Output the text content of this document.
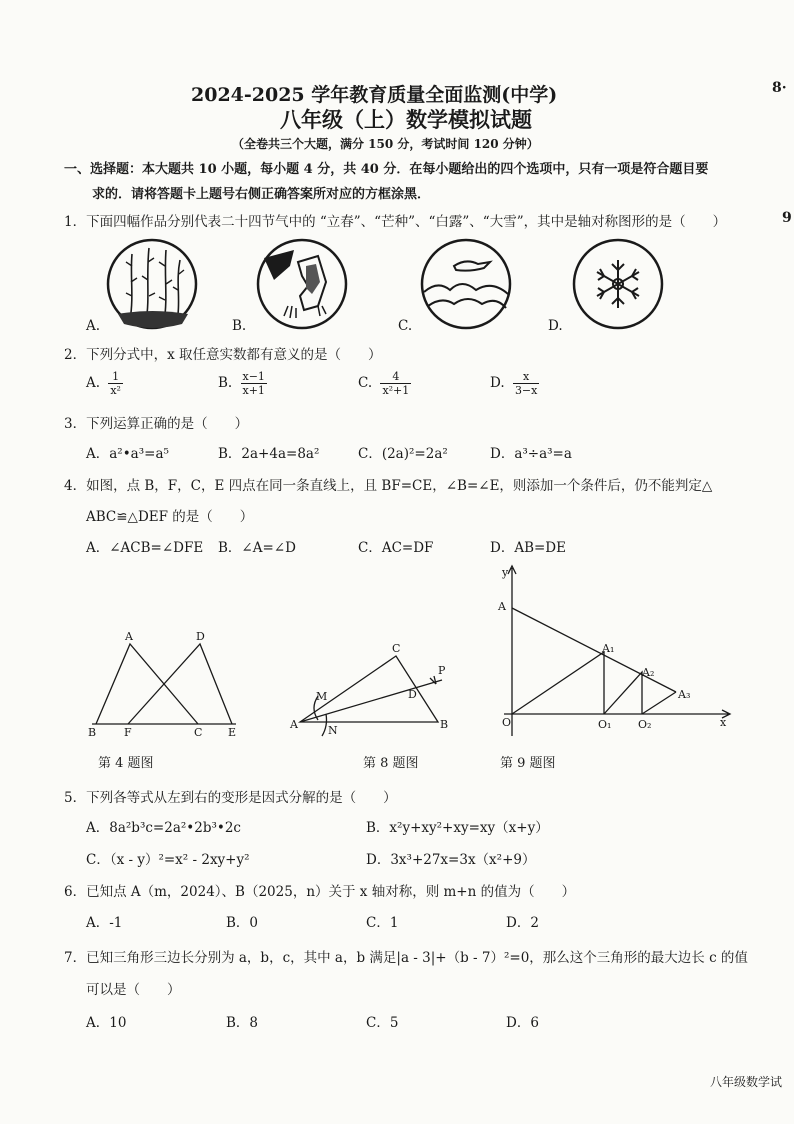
8·
2024-2025 学年教育质量全面监测(中学)
八年级（上）数学模拟试题
（全卷共三个大题，满分 150 分，考试时间 120 分钟）
一、选择题：本大题共 10 小题，每小题 4 分，共 40 分．在每小题给出的四个选项中，只有一项是符合题目要
求的．请将答题卡上题号右侧正确答案所对应的方框涂黑．
1．下面四幅作品分别代表二十四节气中的 “立春”、“芒种”、“白露”、“大雪”，其中是轴对称图形的是（　　）	9
A.	B.	C.	D.
2．下列分式中，x 取任意实数都有意义的是（　　）
A. $\frac{1}{\text{x²}}$	B. $\frac{x-1}{x+1}$	C. $\frac{4}{\text{x²+1}}$	D. $\frac{x}{3-x}$
3．下列运算正确的是（　　）
A．a²•a³=a⁵	B．2a+4a=8a²	C．(2a)²=2a²	D．a³÷a³=a
4．如图，点 B，F，C，E 四点在同一条直线上，且 BF=CE，∠B=∠E，则添加一个条件后，仍不能判定△
ABC≌△DEF 的是（　　）
A．∠ACB=∠DFE B．∠A=∠D	C．AC=DF	D．AB=DE
A	D
B	F	C E
第 4 题图
C
P
D
M
A	N	B
第 8 题图
y
A
A₁
A₂
A₃
O	O₁ O₂	x
第 9 题图
5．下列各等式从左到右的变形是因式分解的是（　　）
A．8a²b³c=2a²•2b³•2c	B．x²y+xy²+xy=xy（x+y）
C．（x - y）²=x² - 2xy+y²	D．3x³+27x=3x（x²+9）
6．已知点 A（m，2024）、B（2025，n）关于 x 轴对称，则 m+n 的值为（　　）
A．-1	B．0	C．1	D．2
7．已知三角形三边长分别为 a，b，c，其中 a，b 满足|a - 3|+（b - 7）²=0，那么这个三角形的最大边长 c 的值
可以是（　　）
A．10	B．8	C．5	D．6
八年级数学试
